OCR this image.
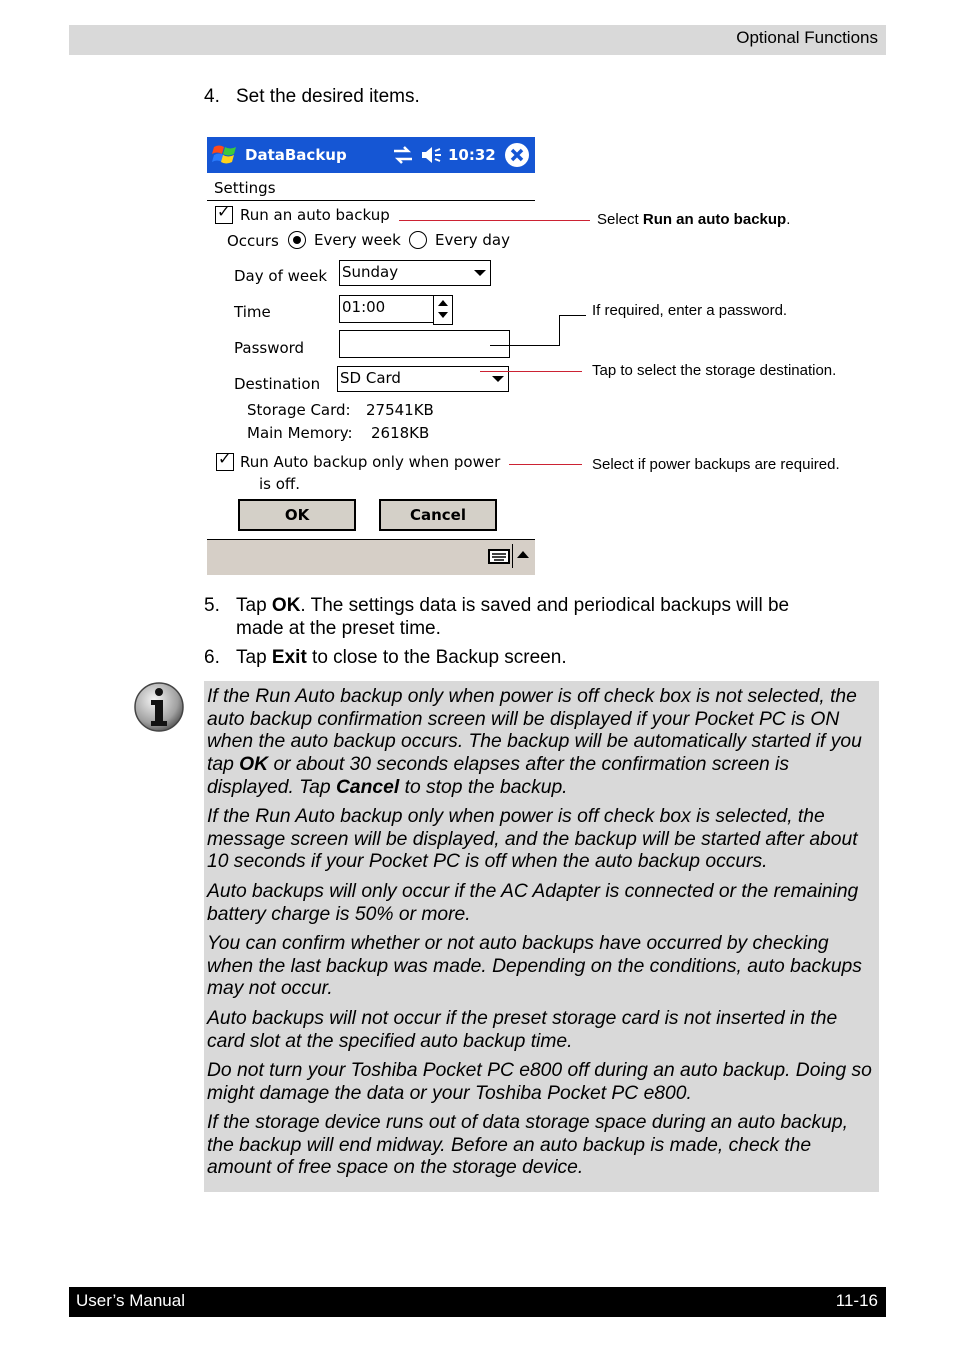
Optional Functions
4. Set the desired items.
DataBackup	10:32
Settings
✓ Run an auto backup
Occurs Every week Every day
Day of week Sunday
Time	01:00
Password
Destination SD Card
Storage Card: 27541KB
Main Memory: 2618KB
✓ Run Auto backup only when power
is off.
OK	Cancel
Select Run an auto backup.
If required, enter a password.
Tap to select the storage destination.
Select if power backups are required.
5. Tap OK. The settings data is saved and periodical backups will be
made at the preset time.
6. Tap Exit to close to the Backup screen.

If the Run Auto backup only when power is off check box is not selected, the auto backup confirmation screen will be displayed if your Pocket PC is ON when the auto backup occurs. The backup will be automatically started if you tap OK or about 30 seconds elapses after the confirmation screen is displayed. Tap Cancel to stop the backup.

If the Run Auto backup only when power is off check box is selected, the message screen will be displayed, and the backup will be started after about 10 seconds if your Pocket PC is off when the auto backup occurs.

Auto backups will only occur if the AC Adapter is connected or the remaining battery charge is 50% or more.

You can confirm whether or not auto backups have occurred by checking when the last backup was made. Depending on the conditions, auto backups may not occur.

Auto backups will not occur if the preset storage card is not inserted in the card slot at the specified auto backup time.

Do not turn your Toshiba Pocket PC e800 off during an auto backup. Doing so might damage the data or your Toshiba Pocket PC e800.

If the storage device runs out of data storage space during an auto backup, the backup will end midway. Before an auto backup is made, check the amount of free space on the storage device.

User’s Manual	11-16
